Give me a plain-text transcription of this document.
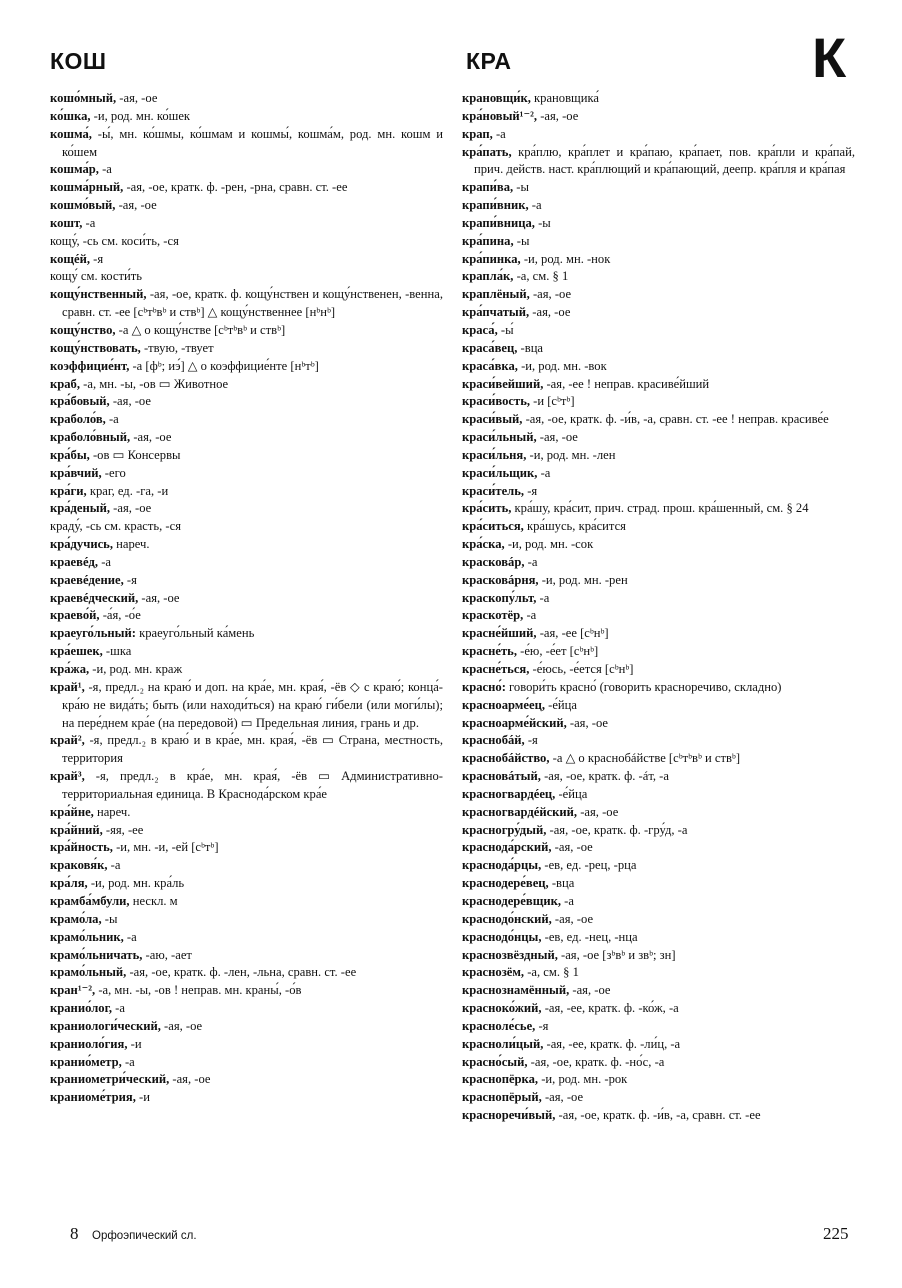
КОШ	КРА	К

кошо́мный, -ая, -ое

ко́шка, -и, род. мн. ко́шек

кошма́, -ы́, мн. ко́шмы, ко́шмам и кошмы́, кошма́м, род. мн. кошм и ко́шем

кошма́р, -а

кошма́рный, -ая, -ое, кратк. ф. -рен, -рна, сравн. ст. -ее

кошмо́вый, -ая, -ое

кошт, -а

кощу́, -сь см. коси́ть, -ся

кощéй, -я

кощу́ см. кости́ть

кощу́нственный, -ая, -ое, кратк. ф. кощу́нствен и кощу́нственен, -венна, сравн. ст. -ее [cᵇтᵇвᵇ и ствᵇ] △ кощу́нственнее [нᵇнᵇ]

кощу́нство, -а △ о кощу́нстве [cᵇтᵇвᵇ и ствᵇ]

кощу́нствовать, -твую, -твует

коэффицие́нт, -а [фᵇ; иэ́] △ о коэффицие́нте [нᵇтᵇ]

краб, -а, мн. -ы, -ов ▭ Животное

кра́бовый, -ая, -ое

краболо́в, -а

краболо́вный, -ая, -ое

кра́бы, -ов ▭ Консервы

кра́вчий, -его

кра́ги, краг, ед. -га, -и

кра́деный, -ая, -ое

краду́, -сь см. красть, -ся

кра́дучись, нареч.

краевéд, -а

краевéдение, -я

краевéдческий, -ая, -ое

краево́й, -а́я, -о́е

краеуго́льный: краеуго́льный ка́мень

кра́ешек, -шка

кра́жа, -и, род. мн. краж

край¹, -я, предл.₂ на краю́ и доп. на кра́е, мн. края́, -ёв ◇ с краю́; конца́-кра́ю не вида́ть; быть (или находи́ться) на краю́ ги́бели (или моги́лы); на пере́днем кра́е (на передовой) ▭ Предельная линия, грань и др.

край², -я, предл.₂ в краю́ и в кра́е, мн. края́, -ёв ▭ Страна, местность, территория

край³, -я, предл.₂ в кра́е, мн. края́, -ёв ▭ Административно-территориальная единица. В Краснода́рском кра́е

кра́йне, нареч.

кра́йний, -яя, -ее

кра́йность, -и, мн. -и, -ей [cᵇтᵇ]

краковя́к, -а

кра́ля, -и, род. мн. кра́ль

крамба́мбули, нескл. м

крамо́ла, -ы

крамо́льник, -а

крамо́льничать, -аю, -ает

крамо́льный, -ая, -ое, кратк. ф. -лен, -льна, сравн. ст. -ее

кран¹⁻², -а, мн. -ы, -ов ! неправ. мн. краны́, -о́в

кранио́лог, -а

краниологи́ческий, -ая, -ое

краниоло́гия, -и

кранио́метр, -а

краниометри́ческий, -ая, -ое

краниоме́трия, -и

крановщи́к, крановщика́

кра́новый¹⁻², -ая, -ое

крап, -а

кра́пать, кра́плю, кра́плет и кра́паю, кра́пает, пов. кра́пли и кра́пай, прич. действ. наст. кра́плющий и кра́пающий, деепр. кра́пля и кра́пая

крапи́ва, -ы

крапи́вник, -а

крапи́вница, -ы

кра́пина, -ы

кра́пинка, -и, род. мн. -нок

крапла́к, -а, см. § 1

краплёный, -ая, -ое

кра́пчатый, -ая, -ое

краса́, -ы́

краса́вец, -вца

краса́вка, -и, род. мн. -вок

краси́вейший, -ая, -ее ! неправ. красиве́йший

краси́вость, -и [cᵇтᵇ]

краси́вый, -ая, -ое, кратк. ф. -и́в, -а, сравн. ст. -ее ! неправ. красиве́е

краси́льный, -ая, -ое

краси́льня, -и, род. мн. -лен

краси́льщик, -а

краси́тель, -я

кра́сить, кра́шу, кра́сит, прич. страд. прош. кра́шенный, см. § 24

кра́ситься, кра́шусь, кра́сится

кра́ска, -и, род. мн. -сок

красковáр, -а

красковáрня, -и, род. мн. -рен

краскопу́льт, -а

краскотёр, -а

красне́йший, -ая, -ее [cᵇнᵇ]

красне́ть, -е́ю, -е́ет [cᵇнᵇ]

красне́ться, -е́юсь, -е́ется [cᵇнᵇ]

красно́: говори́ть красно́ (говорить красноречиво, складно)

красноарме́ец, -е́йца

красноарме́йский, -ая, -ое

краснобáй, -я

краснобáйство, -а △ о краснобáйстве [cᵇтᵇвᵇ и ствᵇ]

красновáтый, -ая, -ое, кратк. ф. -áт, -а

красногвардéец, -е́йца

красногвардéйский, -ая, -ое

красногру́дый, -ая, -ое, кратк. ф. -гру́д, -а

краснода́рский, -ая, -ое

краснода́рцы, -ев, ед. -рец, -рца

краснодере́вец, -вца

краснодере́вщик, -а

краснодо́нский, -ая, -ое

краснодо́нцы, -ев, ед. -нец, -нца

краснозвёздный, -ая, -ое [зᵇвᵇ и звᵇ; зн]

краснозём, -а, см. § 1

краснознамённый, -ая, -ое

красноко́жий, -ая, -ее, кратк. ф. -ко́ж, -а

красноле́сье, -я

красноли́цый, -ая, -ее, кратк. ф. -ли́ц, -а

красно́сый, -ая, -ое, кратк. ф. -но́с, -а

краснопёрка, -и, род. мн. -рок

краснопёрый, -ая, -ое

красноречи́вый, -ая, -ое, кратк. ф. -и́в, -а, сравн. ст. -ее

8 Орфоэпический сл.	225
